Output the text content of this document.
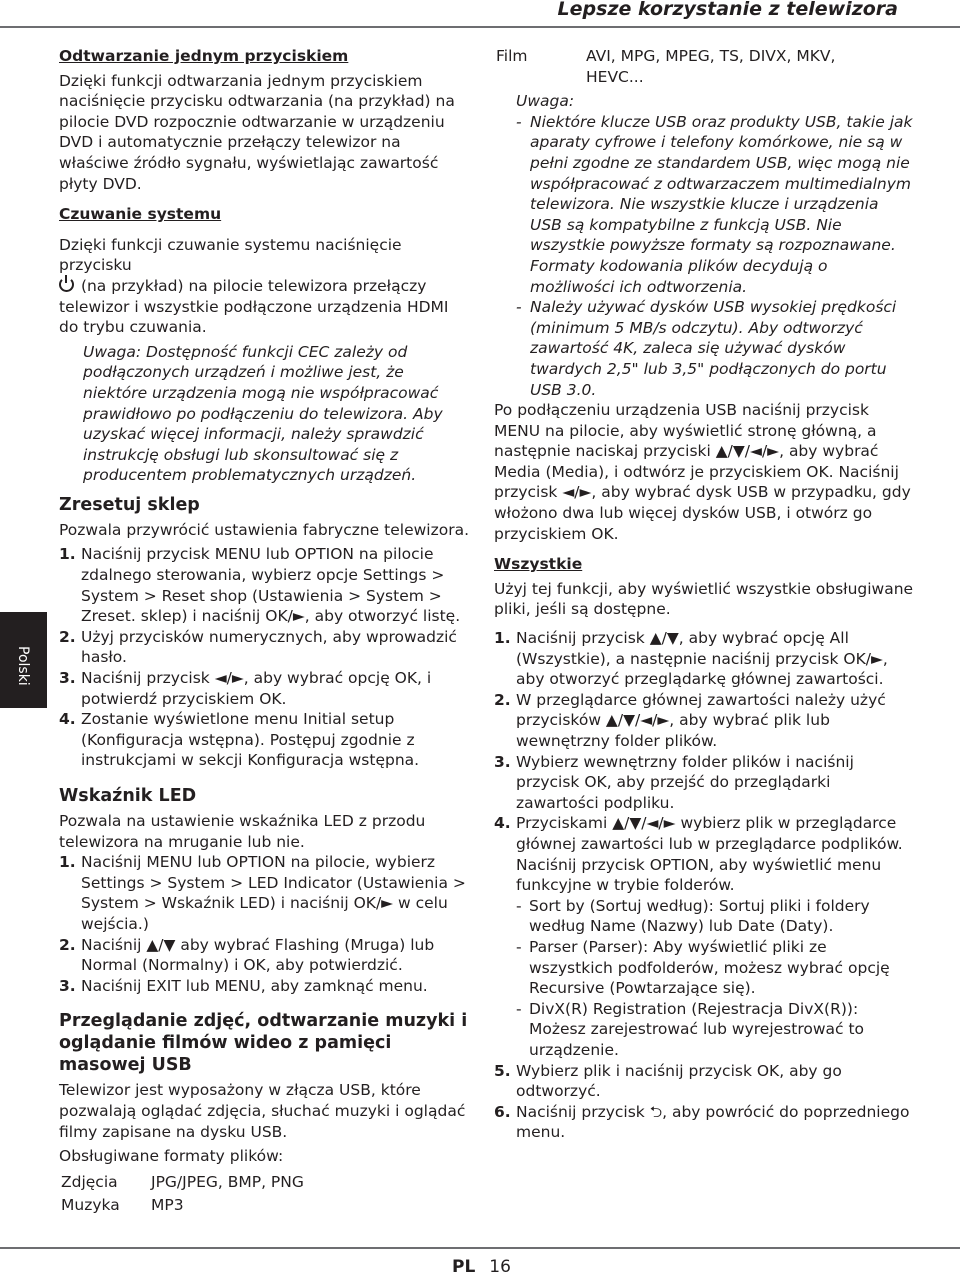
Lepsze korzystanie z telewizora
Polski

Odtwarzanie jednym przyciskiem

Dzięki funkcji odtwarzania jednym przyciskiem naciśnięcie przycisku odtwarzania (na przykład) na pilocie DVD rozpocznie odtwarzanie w urządzeniu DVD i automatycznie przełączy telewizor na właściwe źródło sygnału, wyświetlając zawartość płyty DVD.

Czuwanie systemu

Dzięki funkcji czuwanie systemu naciśnięcie przycisku
(na przykład) na pilocie telewizora przełączy telewizor i wszystkie podłączone urządzenia HDMI do trybu czuwania.

Uwaga: Dostępność funkcji CEC zależy od podłączonych urządzeń i możliwe jest, że niektóre urządzenia mogą nie współpracować prawidłowo po podłączeniu do telewizora. Aby uzyskać więcej informacji, należy sprawdzić instrukcję obsługi lub skonsultować się z producentem problematycznych urządzeń.

Zresetuj sklep

Pozwala przywrócić ustawienia fabryczne telewizora.

1. Naciśnij przycisk MENU lub OPTION na pilocie zdalnego sterowania, wybierz opcje Settings > System > Reset shop (Ustawienia > System > Zreset. sklep) i naciśnij OK/►, aby otworzyć listę.
2. Użyj przycisków numerycznych, aby wprowadzić hasło.
3. Naciśnij przycisk ◄/►, aby wybrać opcję OK, i potwierdź przyciskiem OK.
4. Zostanie wyświetlone menu Initial setup (Konfiguracja wstępna). Postępuj zgodnie z instrukcjami w sekcji Konfiguracja wstępna.

Wskaźnik LED

Pozwala na ustawienie wskaźnika LED z przodu telewizora na mruganie lub nie.

1. Naciśnij MENU lub OPTION na pilocie, wybierz Settings > System > LED Indicator (Ustawienia > System > Wskaźnik LED) i naciśnij OK/► w celu wejścia.)
2. Naciśnij ▲/▼ aby wybrać Flashing (Mruga) lub Normal (Normalny) i OK, aby potwierdzić.
3. Naciśnij EXIT lub MENU, aby zamknąć menu.

Przeglądanie zdjęć, odtwarzanie muzyki i oglądanie filmów wideo z pamięci masowej USB

Telewizor jest wyposażony w złącza USB, które pozwalają oglądać zdjęcia, słuchać muzyki i oglądać filmy zapisane na dysku USB.

Obsługiwane formaty plików:

Zdjęcia	JPG/JPEG, BMP, PNG
Muzyka	MP3
Film	AVI, MPG, MPEG, TS, DIVX, MKV, HEVC...

Uwaga:

- Niektóre klucze USB oraz produkty USB, takie jak aparaty cyfrowe i telefony komórkowe, nie są w pełni zgodne ze standardem USB, więc mogą nie współpracować z odtwarzaczem multimedialnym telewizora. Nie wszystkie klucze i urządzenia USB są kompatybilne z funkcją USB. Nie wszystkie powyższe formaty są rozpoznawane. Formaty kodowania plików decydują o możliwości ich odtworzenia.
- Należy używać dysków USB wysokiej prędkości (minimum 5 MB/s odczytu). Aby odtworzyć zawartość 4K, zaleca się używać dysków twardych 2,5" lub 3,5" podłączonych do portu USB 3.0.

Po podłączeniu urządzenia USB naciśnij przycisk MENU na pilocie, aby wyświetlić stronę główną, a następnie naciskaj przyciski ▲/▼/◄/►, aby wybrać Media (Media), i odtwórz je przyciskiem OK. Naciśnij przycisk ◄/►, aby wybrać dysk USB w przypadku, gdy włożono dwa lub więcej dysków USB, i otwórz go przyciskiem OK.

Wszystkie

Użyj tej funkcji, aby wyświetlić wszystkie obsługiwane pliki, jeśli są dostępne.

1. Naciśnij przycisk ▲/▼, aby wybrać opcję All (Wszystkie), a następnie naciśnij przycisk OK/►, aby otworzyć przeglądarkę głównej zawartości.
2. W przeglądarce głównej zawartości należy użyć przycisków ▲/▼/◄/►, aby wybrać plik lub wewnętrzny folder plików.
3. Wybierz wewnętrzny folder plików i naciśnij przycisk OK, aby przejść do przeglądarki zawartości podpliku.
4. Przyciskami ▲/▼/◄/► wybierz plik w przeglądarce głównej zawartości lub w przeglądarce podplików. Naciśnij przycisk OPTION, aby wyświetlić menu funkcyjne w trybie folderów.
- Sort by (Sortuj według): Sortuj pliki i foldery według Name (Nazwy) lub Date (Daty).
- Parser (Parser): Aby wyświetlić pliki ze wszystkich podfolderów, możesz wybrać opcję Recursive (Powtarzające się).
- DivX(R) Registration (Rejestracja DivX(R)): Możesz zarejestrować lub wyrejestrować to urządzenie.
5. Wybierz plik i naciśnij przycisk OK, aby go odtworzyć.
6. Naciśnij przycisk ⮌, aby powrócić do poprzedniego menu.
PL 16
